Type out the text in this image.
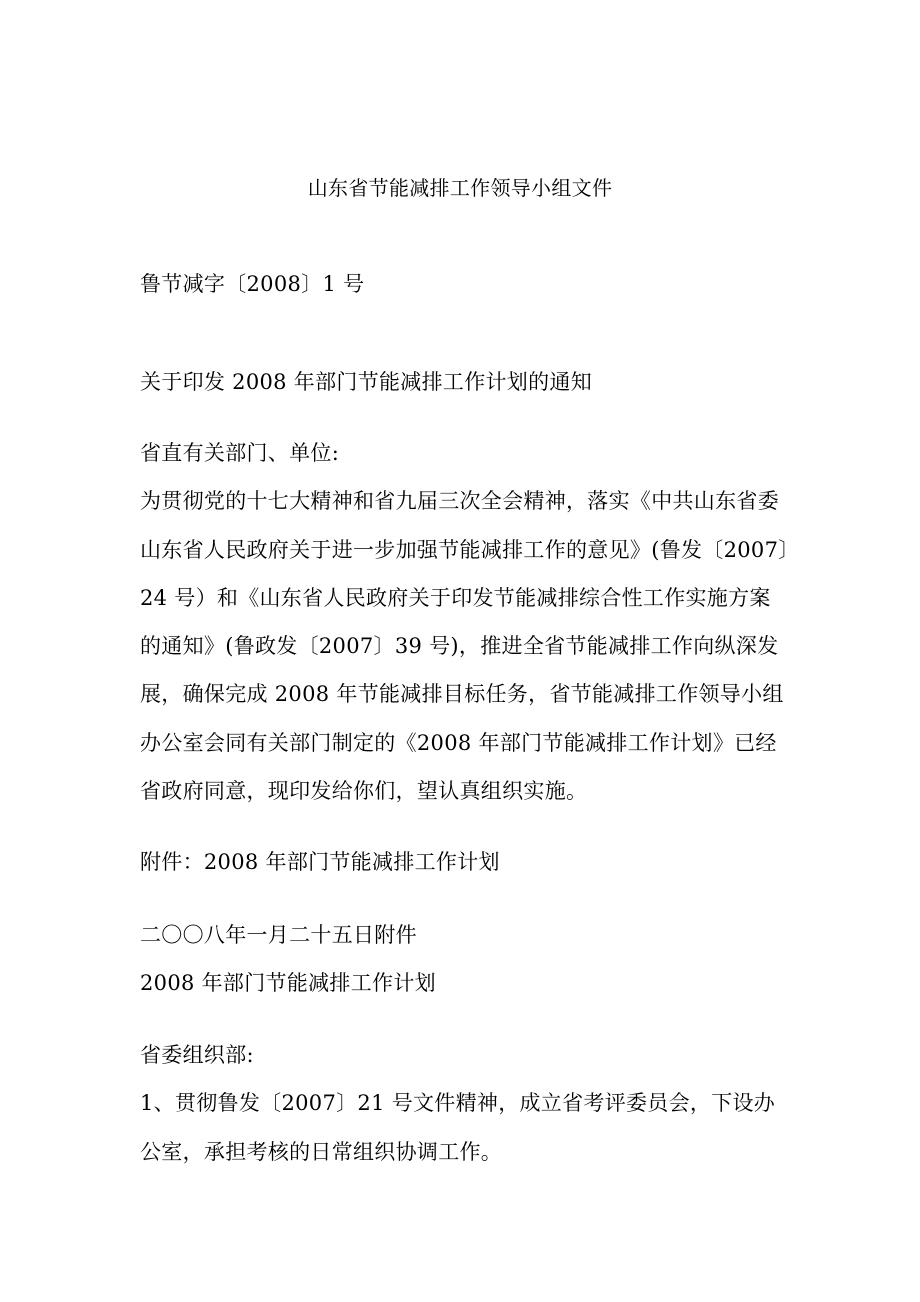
山东省节能减排工作领导小组文件
鲁节减字〔2008〕1 号
关于印发 2008 年部门节能减排工作计划的通知
省直有关部门、单位:
为贯彻党的十七大精神和省九届三次全会精神，落实《中共山东省委
山东省人民政府关于进一步加强节能减排工作的意见》(鲁发〔2007〕
24 号）和《山东省人民政府关于印发节能减排综合性工作实施方案
的通知》(鲁政发〔2007〕39 号)，推进全省节能减排工作向纵深发
展，确保完成 2008 年节能减排目标任务，省节能减排工作领导小组
办公室会同有关部门制定的《2008 年部门节能减排工作计划》已经
省政府同意，现印发给你们，望认真组织实施。
附件：2008 年部门节能减排工作计划
二〇〇八年一月二十五日附件
2008 年部门节能减排工作计划
省委组织部:
1、贯彻鲁发〔2007〕21 号文件精神，成立省考评委员会，下设办
公室，承担考核的日常组织协调工作。
